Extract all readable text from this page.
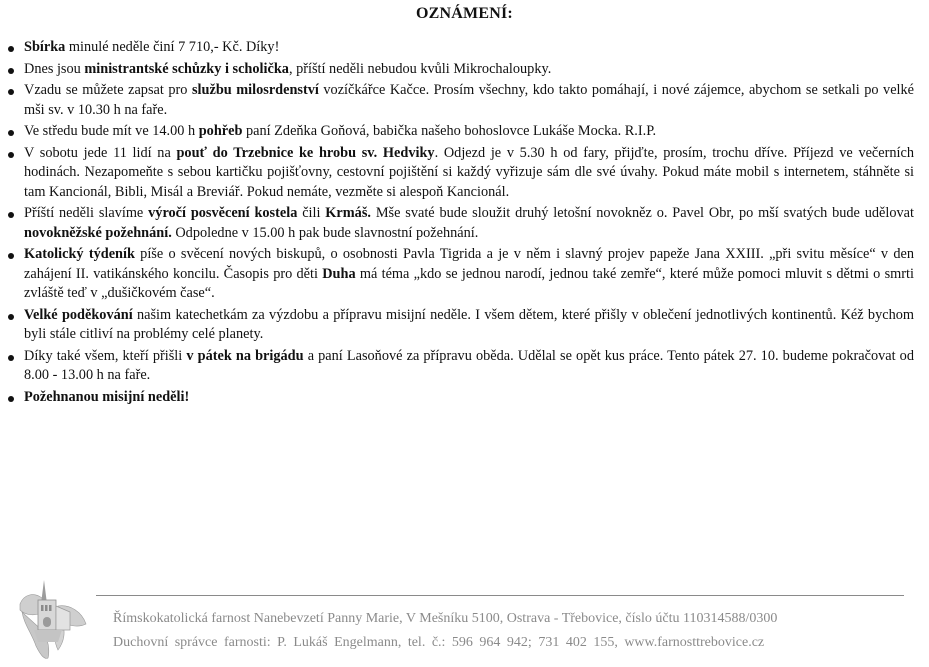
OZNÁMENÍ:
Sbírka minulé neděle činí 7 710,- Kč. Díky!
Dnes jsou ministrantské schůzky i scholička, příští neděli nebudou kvůli Mikrochaloupky.
Vzadu se můžete zapsat pro službu milosrdenství vozíčkářce Kačce. Prosím všechny, kdo takto pomáhají, i nové zájemce, abychom se setkali po velké mši sv. v 10.30 h na faře.
Ve středu bude mít ve 14.00 h pohřeb paní Zdeňka Goňová, babička našeho bohoslovce Lukáše Mocka. R.I.P.
V sobotu jede 11 lidí na pouť do Trzebnice ke hrobu sv. Hedviky. Odjezd je v 5.30 h od fary, přijďte, prosím, trochu dříve. Příjezd ve večerních hodinách. Nezapomeňte s sebou kartičku pojišťovny, cestovní pojištění si každý vyřizuje sám dle své úvahy. Pokud máte mobil s internetem, stáhněte si tam Kancionál, Bibli, Misál a Breviář. Pokud nemáte, vezměte si alespoň Kancionál.
Příští neděli slavíme výročí posvěcení kostela čili Krmáš. Mše svaté bude sloužit druhý letošní novokněz o. Pavel Obr, po mší svatých bude udělovat novokněžské požehnání. Odpoledne v 15.00 h pak bude slavnostní požehnání.
Katolický týdeník píše o svěcení nových biskupů, o osobnosti Pavla Tigrida a je v něm i slavný projev papeže Jana XXIII. „při svitu měsíce“ v den zahájení II. vatikánského koncilu. Časopis pro děti Duha má téma „kdo se jednou narodí, jednou také zemře“, které může pomoci mluvit s dětmi o smrti zvláště teď v „dušičkovém čase“.
Velké poděkování našim katechetkám za výzdobu a přípravu misijní neděle. I všem dětem, které přišly v oblečení jednotlivých kontinentů. Kéž bychom byli stále citliví na problémy celé planety.
Díky také všem, kteří přišli v pátek na brigádu a paní Lasoňové za přípravu oběda. Udělal se opět kus práce. Tento pátek 27. 10. budeme pokračovat od 8.00 - 13.00 h na faře.
Požehnanou misijní neděli!
Římskokatolická farnost Nanebevzetí Panny Marie, V Mešníku 5100, Ostrava - Třebovice, číslo účtu 110314588/0300
Duchovní správce farnosti: P. Lukáš Engelmann, tel. č.: 596 964 942; 731 402 155, www.farnosttrebovice.cz
